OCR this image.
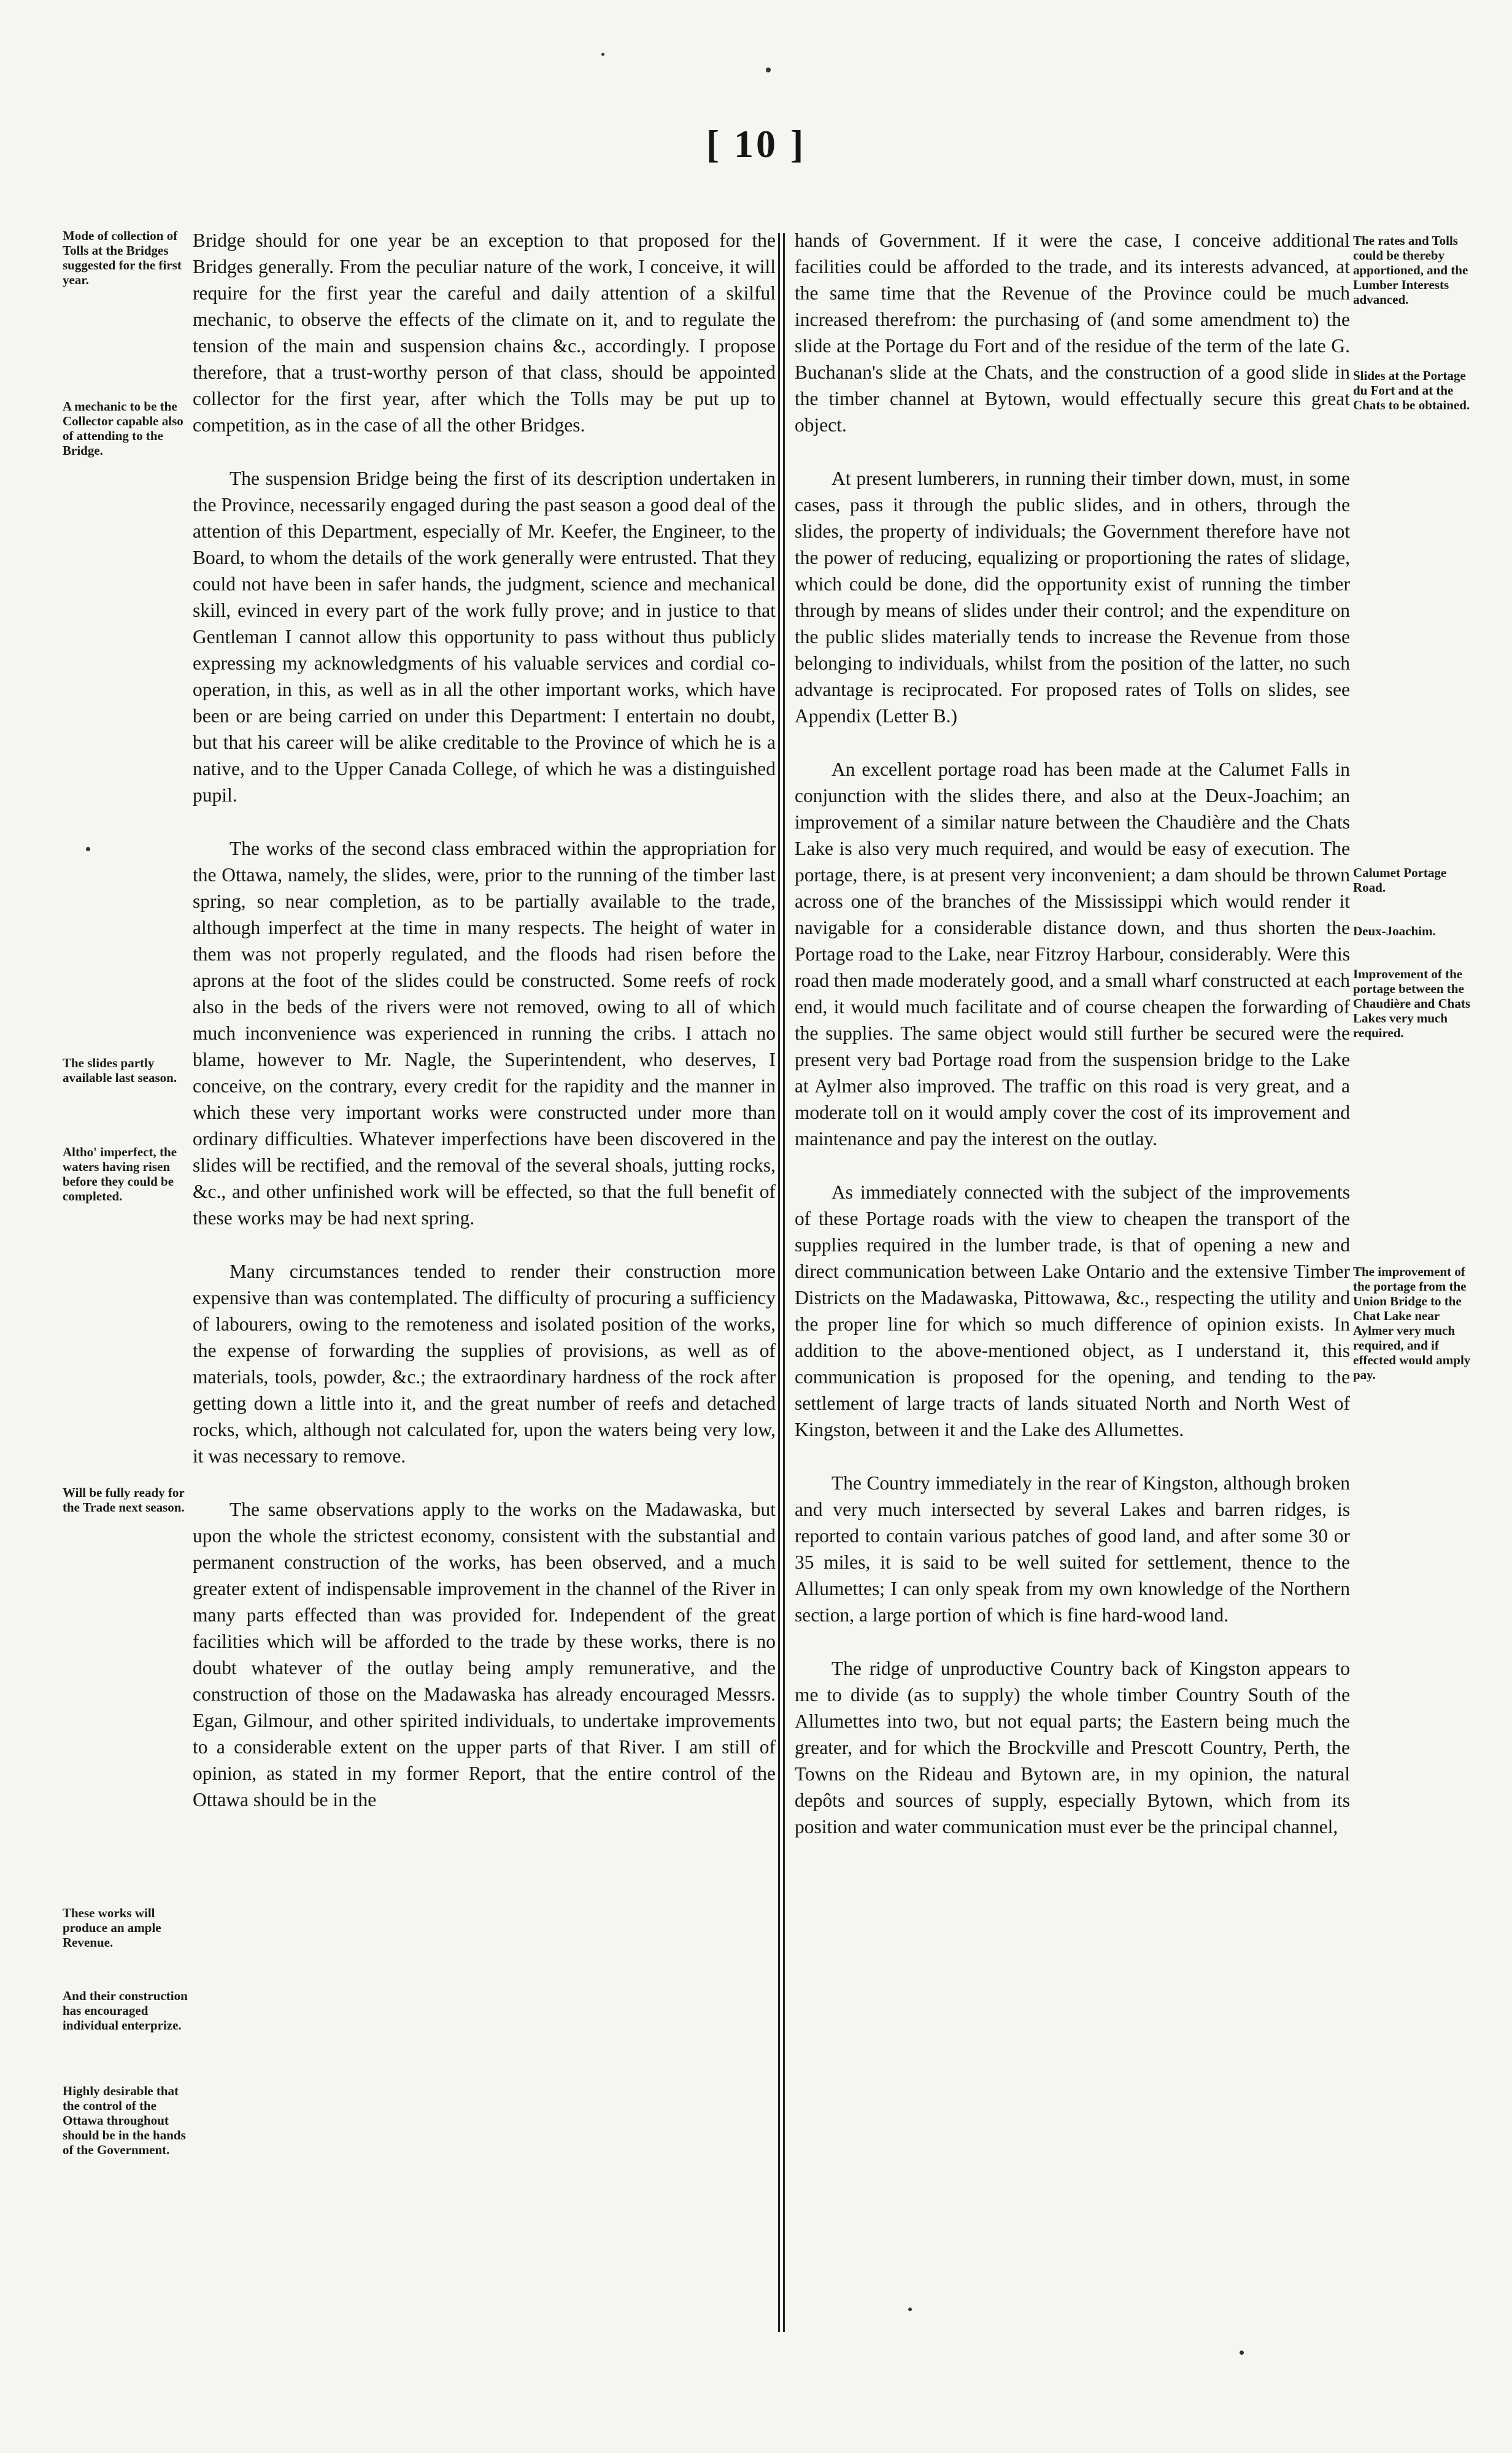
[ 10 ]

Bridge should for one year be an exception to that proposed for the Bridges generally. From the peculiar nature of the work, I conceive, it will require for the first year the careful and daily attention of a skilful mechanic, to observe the effects of the climate on it, and to regulate the tension of the main and suspension chains &c., accordingly. I propose therefore, that a trust-worthy person of that class, should be appointed collector for the first year, after which the Tolls may be put up to competition, as in the case of all the other Bridges.

The suspension Bridge being the first of its description undertaken in the Province, necessarily engaged during the past season a good deal of the attention of this Department, especially of Mr. Keefer, the Engineer, to the Board, to whom the details of the work generally were entrusted. That they could not have been in safer hands, the judgment, science and mechanical skill, evinced in every part of the work fully prove; and in justice to that Gentleman I cannot allow this opportunity to pass without thus publicly expressing my acknowledgments of his valuable services and cordial co-operation, in this, as well as in all the other important works, which have been or are being carried on under this Department: I entertain no doubt, but that his career will be alike creditable to the Province of which he is a native, and to the Upper Canada College, of which he was a distinguished pupil.

The works of the second class embraced within the appropriation for the Ottawa, namely, the slides, were, prior to the running of the timber last spring, so near completion, as to be partially available to the trade, although imperfect at the time in many respects. The height of water in them was not properly regulated, and the floods had risen before the aprons at the foot of the slides could be constructed. Some reefs of rock also in the beds of the rivers were not removed, owing to all of which much inconvenience was experienced in running the cribs. I attach no blame, however to Mr. Nagle, the Superintendent, who deserves, I conceive, on the contrary, every credit for the rapidity and the manner in which these very important works were constructed under more than ordinary difficulties. Whatever imperfections have been discovered in the slides will be rectified, and the removal of the several shoals, jutting rocks, &c., and other unfinished work will be effected, so that the full benefit of these works may be had next spring.

Many circumstances tended to render their construction more expensive than was contemplated. The difficulty of procuring a sufficiency of labourers, owing to the remoteness and isolated position of the works, the expense of forwarding the supplies of provisions, as well as of materials, tools, powder, &c.; the extraordinary hardness of the rock after getting down a little into it, and the great number of reefs and detached rocks, which, although not calculated for, upon the waters being very low, it was necessary to remove.

The same observations apply to the works on the Madawaska, but upon the whole the strictest economy, consistent with the substantial and permanent construction of the works, has been observed, and a much greater extent of indispensable improvement in the channel of the River in many parts effected than was provided for. Independent of the great facilities which will be afforded to the trade by these works, there is no doubt whatever of the outlay being amply remunerative, and the construction of those on the Madawaska has already encouraged Messrs. Egan, Gilmour, and other spirited individuals, to undertake improvements to a considerable extent on the upper parts of that River. I am still of opinion, as stated in my former Report, that the entire control of the Ottawa should be in the

hands of Government. If it were the case, I conceive additional facilities could be afforded to the trade, and its interests advanced, at the same time that the Revenue of the Province could be much increased therefrom: the purchasing of (and some amendment to) the slide at the Portage du Fort and of the residue of the term of the late G. Buchanan's slide at the Chats, and the construction of a good slide in the timber channel at Bytown, would effectually secure this great object.

At present lumberers, in running their timber down, must, in some cases, pass it through the public slides, and in others, through the slides, the property of individuals; the Government therefore have not the power of reducing, equalizing or proportioning the rates of slidage, which could be done, did the opportunity exist of running the timber through by means of slides under their control; and the expenditure on the public slides materially tends to increase the Revenue from those belonging to individuals, whilst from the position of the latter, no such advantage is reciprocated. For proposed rates of Tolls on slides, see Appendix (Letter B.)

An excellent portage road has been made at the Calumet Falls in conjunction with the slides there, and also at the Deux-Joachim; an improvement of a similar nature between the Chaudière and the Chats Lake is also very much required, and would be easy of execution. The portage, there, is at present very inconvenient; a dam should be thrown across one of the branches of the Mississippi which would render it navigable for a considerable distance down, and thus shorten the Portage road to the Lake, near Fitzroy Harbour, considerably. Were this road then made moderately good, and a small wharf constructed at each end, it would much facilitate and of course cheapen the forwarding of the supplies. The same object would still further be secured were the present very bad Portage road from the suspension bridge to the Lake at Aylmer also improved. The traffic on this road is very great, and a moderate toll on it would amply cover the cost of its improvement and maintenance and pay the interest on the outlay.

As immediately connected with the subject of the improvements of these Portage roads with the view to cheapen the transport of the supplies required in the lumber trade, is that of opening a new and direct communication between Lake Ontario and the extensive Timber Districts on the Madawaska, Pittowawa, &c., respecting the utility and the proper line for which so much difference of opinion exists. In addition to the above-mentioned object, as I understand it, this communication is proposed for the opening, and tending to the settlement of large tracts of lands situated North and North West of Kingston, between it and the Lake des Allumettes.

The Country immediately in the rear of Kingston, although broken and very much intersected by several Lakes and barren ridges, is reported to contain various patches of good land, and after some 30 or 35 miles, it is said to be well suited for settlement, thence to the Allumettes; I can only speak from my own knowledge of the Northern section, a large portion of which is fine hard-wood land.

The ridge of unproductive Country back of Kingston appears to me to divide (as to supply) the whole timber Country South of the Allumettes into two, but not equal parts; the Eastern being much the greater, and for which the Brockville and Prescott Country, Perth, the Towns on the Rideau and Bytown are, in my opinion, the natural depôts and sources of supply, especially Bytown, which from its position and water communication must ever be the principal channel,

Mode of collection of Tolls at the Bridges suggested for the first year.
A mechanic to be the Collector capable also of attending to the Bridge.
The slides partly available last season.
Altho' imperfect, the waters having risen before they could be completed.
Will be fully ready for the Trade next season.
These works will produce an ample Revenue.
And their construction has encouraged individual enterprize.
Highly desirable that the control of the Ottawa throughout should be in the hands of the Government.
The rates and Tolls could be thereby apportioned, and the Lumber Interests advanced.
Slides at the Portage du Fort and at the Chats to be obtained.
Calumet Portage Road.
Deux-Joachim.
Improvement of the portage between the Chaudière and Chats Lakes very much required.
The improvement of the portage from the Union Bridge to the Chat Lake near Aylmer very much required, and if effected would amply pay.
